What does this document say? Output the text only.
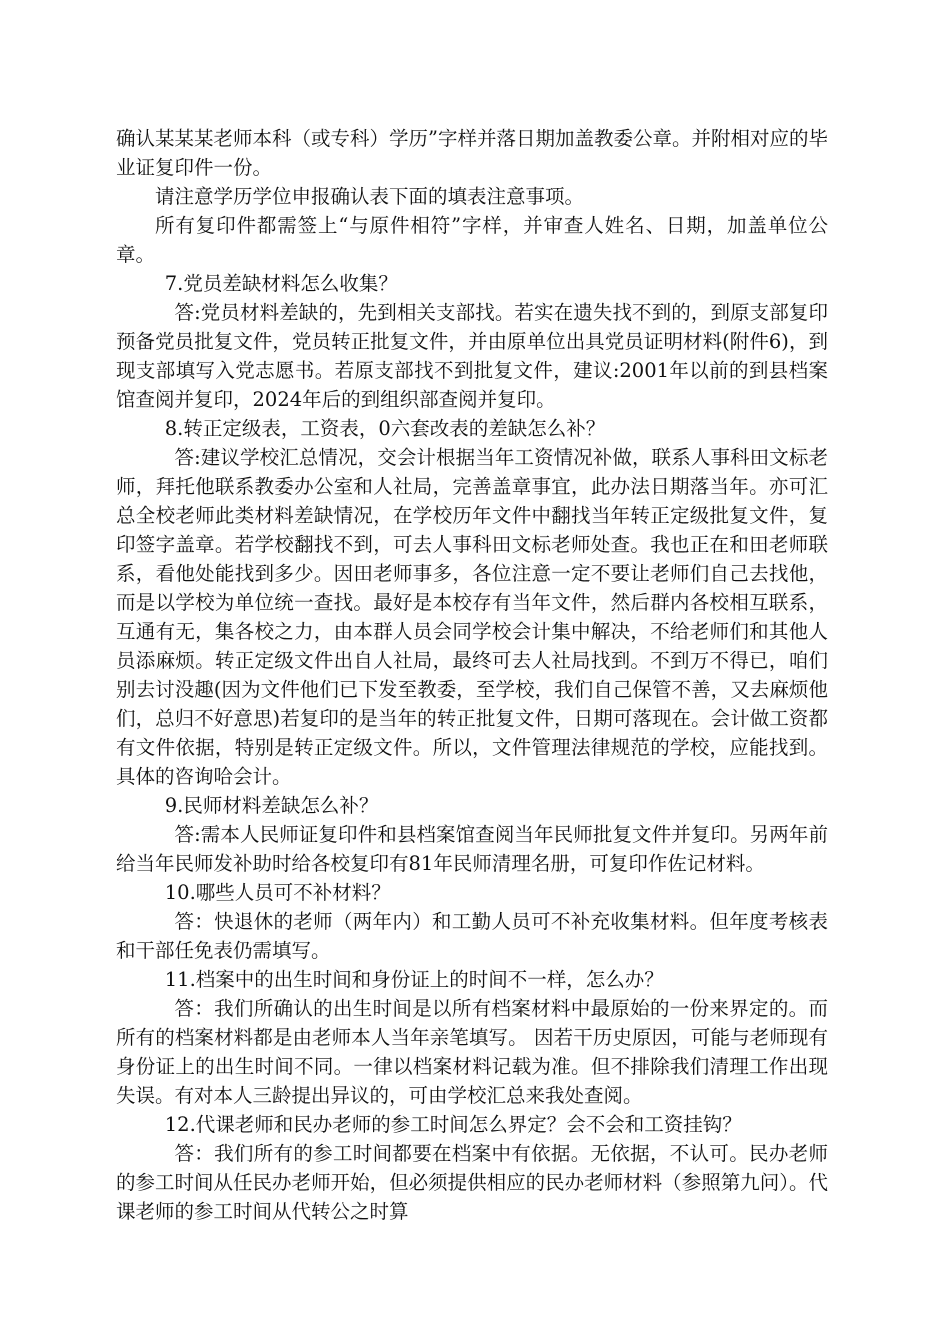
确认某某某老师本科（或专科）学历”字样并落日期加盖教委公章。并附相对应的毕业证复印件一份。

请注意学历学位申报确认表下面的填表注意事项。

所有复印件都需签上“与原件相符”字样，并审查人姓名、日期，加盖单位公章。

7.党员差缺材料怎么收集？

答:党员材料差缺的，先到相关支部找。若实在遗失找不到的，到原支部复印预备党员批复文件，党员转正批复文件，并由原单位出具党员证明材料(附件6)，到现支部填写入党志愿书。若原支部找不到批复文件，建议:2001年以前的到县档案馆查阅并复印，2024年后的到组织部查阅并复印。

8.转正定级表，工资表，0六套改表的差缺怎么补？

答:建议学校汇总情况，交会计根据当年工资情况补做，联系人事科田文标老师，拜托他联系教委办公室和人社局，完善盖章事宜，此办法日期落当年。亦可汇总全校老师此类材料差缺情况，在学校历年文件中翻找当年转正定级批复文件，复印签字盖章。若学校翻找不到，可去人事科田文标老师处查。我也正在和田老师联系，看他处能找到多少。因田老师事多，各位注意一定不要让老师们自己去找他，而是以学校为单位统一查找。最好是本校存有当年文件，然后群内各校相互联系，互通有无，集各校之力，由本群人员会同学校会计集中解决，不给老师们和其他人员添麻烦。转正定级文件出自人社局，最终可去人社局找到。不到万不得已，咱们别去讨没趣(因为文件他们已下发至教委，至学校，我们自己保管不善，又去麻烦他们，总归不好意思)若复印的是当年的转正批复文件，日期可落现在。会计做工资都有文件依据，特别是转正定级文件。所以，文件管理法律规范的学校，应能找到。具体的咨询哈会计。

9.民师材料差缺怎么补？

答:需本人民师证复印件和县档案馆查阅当年民师批复文件并复印。另两年前给当年民师发补助时给各校复印有81年民师清理名册，可复印作佐记材料。

10.哪些人员可不补材料？

答：快退休的老师（两年内）和工勤人员可不补充收集材料。但年度考核表和干部任免表仍需填写。

11.档案中的出生时间和身份证上的时间不一样，怎么办？

答：我们所确认的出生时间是以所有档案材料中最原始的一份来界定的。而所有的档案材料都是由老师本人当年亲笔填写。 因若干历史原因，可能与老师现有身份证上的出生时间不同。一律以档案材料记载为准。但不排除我们清理工作出现失误。有对本人三龄提出异议的，可由学校汇总来我处查阅。

12.代课老师和民办老师的参工时间怎么界定？会不会和工资挂钩？

答：我们所有的参工时间都要在档案中有依据。无依据，不认可。民办老师的参工时间从任民办老师开始，但必须提供相应的民办老师材料（参照第九问）。代课老师的参工时间从代转公之时算
